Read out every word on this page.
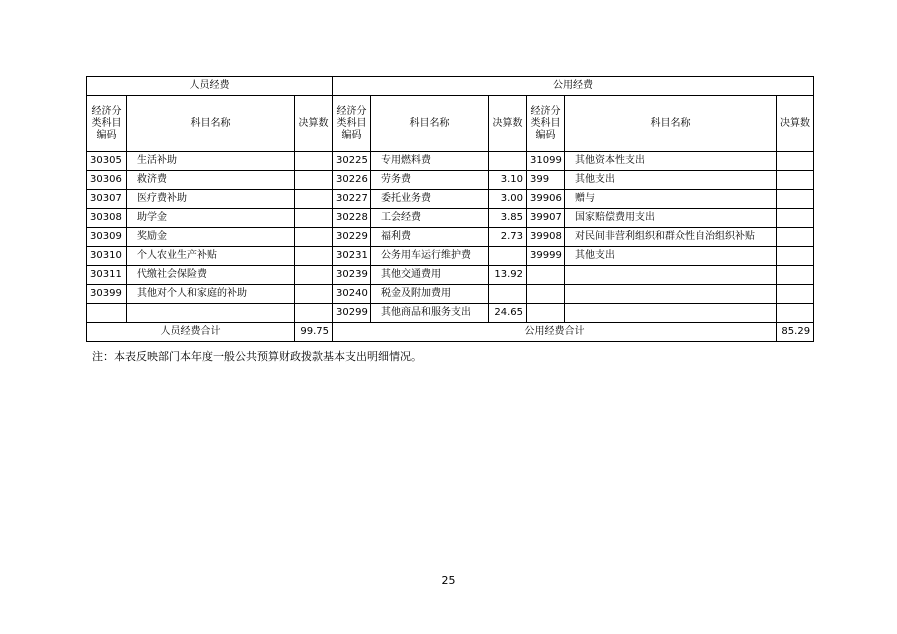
人员经费			公用经费					
经济分类科目编码	科目名称	决算数	经济分类科目编码	科目名称	决算数	经济分类科目编码	科目名称	决算数
30305	生活补助		30225	专用燃料费		31099	其他资本性支出	
30306	救济费		30226	劳务费	3.10	399	其他支出	
30307	医疗费补助		30227	委托业务费	3.00	39906	赠与	
30308	助学金		30228	工会经费	3.85	39907	国家赔偿费用支出	
30309	奖励金		30229	福利费	2.73	39908	对民间非营利组织和群众性自治组织补贴	
30310	个人农业生产补贴		30231	公务用车运行维护费		39999	其他支出	
30311	代缴社会保险费		30239	其他交通费用	13.92			
30399	其他对个人和家庭的补助		30240	税金及附加费用				
			30299	其他商品和服务支出	24.65			
人员经费合计		99.75	公用经费合计					85.29
注：本表反映部门本年度一般公共预算财政拨款基本支出明细情况。
25
